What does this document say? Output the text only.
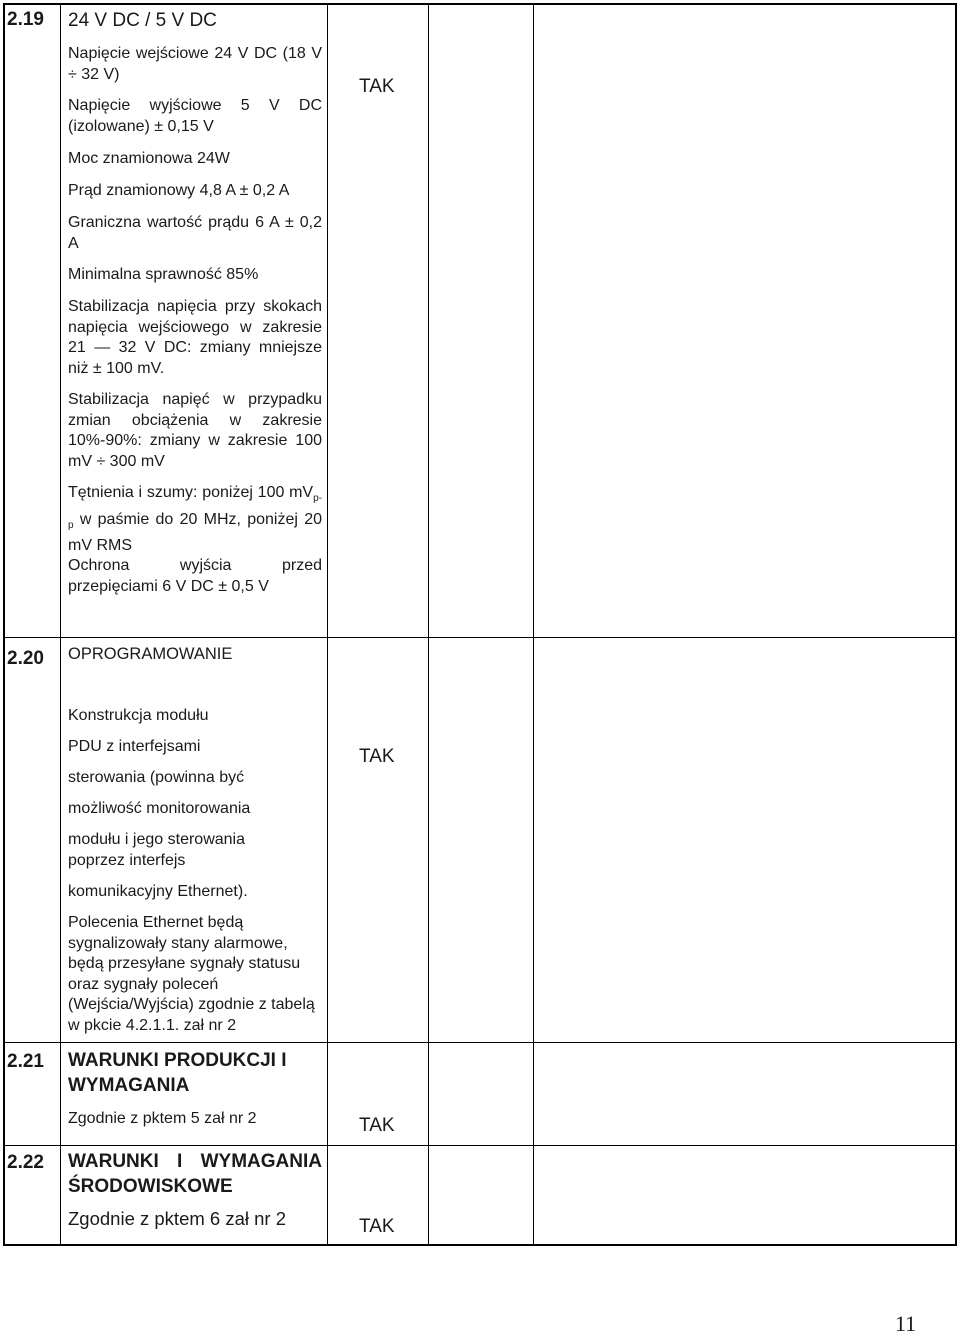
2.19 24 V DC / 5 V DC

Napięcie wejściowe 24 V DC (18 V ÷ 32 V)

Napięcie wyjściowe 5 V DC (izolowane) ± 0,15 V

Moc znamionowa 24W

Prąd znamionowy 4,8 A ± 0,2 A

Graniczna wartość prądu 6 A ± 0,2 A

Minimalna sprawność 85%

Stabilizacja napięcia przy skokach napięcia wejściowego w zakresie 21 — 32 V DC: zmiany mniejsze niż ± 100 mV.

Stabilizacja napięć w przypadku zmian obciążenia w zakresie 10%-90%: zmiany w zakresie 100 mV ÷ 300 mV

Tętnienia i szumy: poniżej 100 $mV_{p-p}$ w paśmie do 20 MHz, poniżej 20 mV RMS

Ochrona wyjścia przed przepięciami 6 V DC ± 0,5 V

TAK
2.20 OPROGRAMOWANIE

Konstrukcja modułu

PDU z interfejsami

sterowania (powinna być

możliwość monitorowania

modułu i jego sterowania poprzez interfejs

komunikacyjny Ethernet).

Polecenia Ethernet będą sygnalizowały stany alarmowe, będą przesyłane sygnały statusu oraz sygnały poleceń (Wejścia/Wyjścia) zgodnie z tabelą w pkcie 4.2.1.1. zał nr 2

TAK
2.21 WARUNKI PRODUKCJI I WYMAGANIA

Zgodnie z pktem 5 zał nr 2	TAK
2.22 WARUNKI I WYMAGANIA ŚRODOWISKOWE

Zgodnie z pktem 6 zał nr 2	TAK
11
